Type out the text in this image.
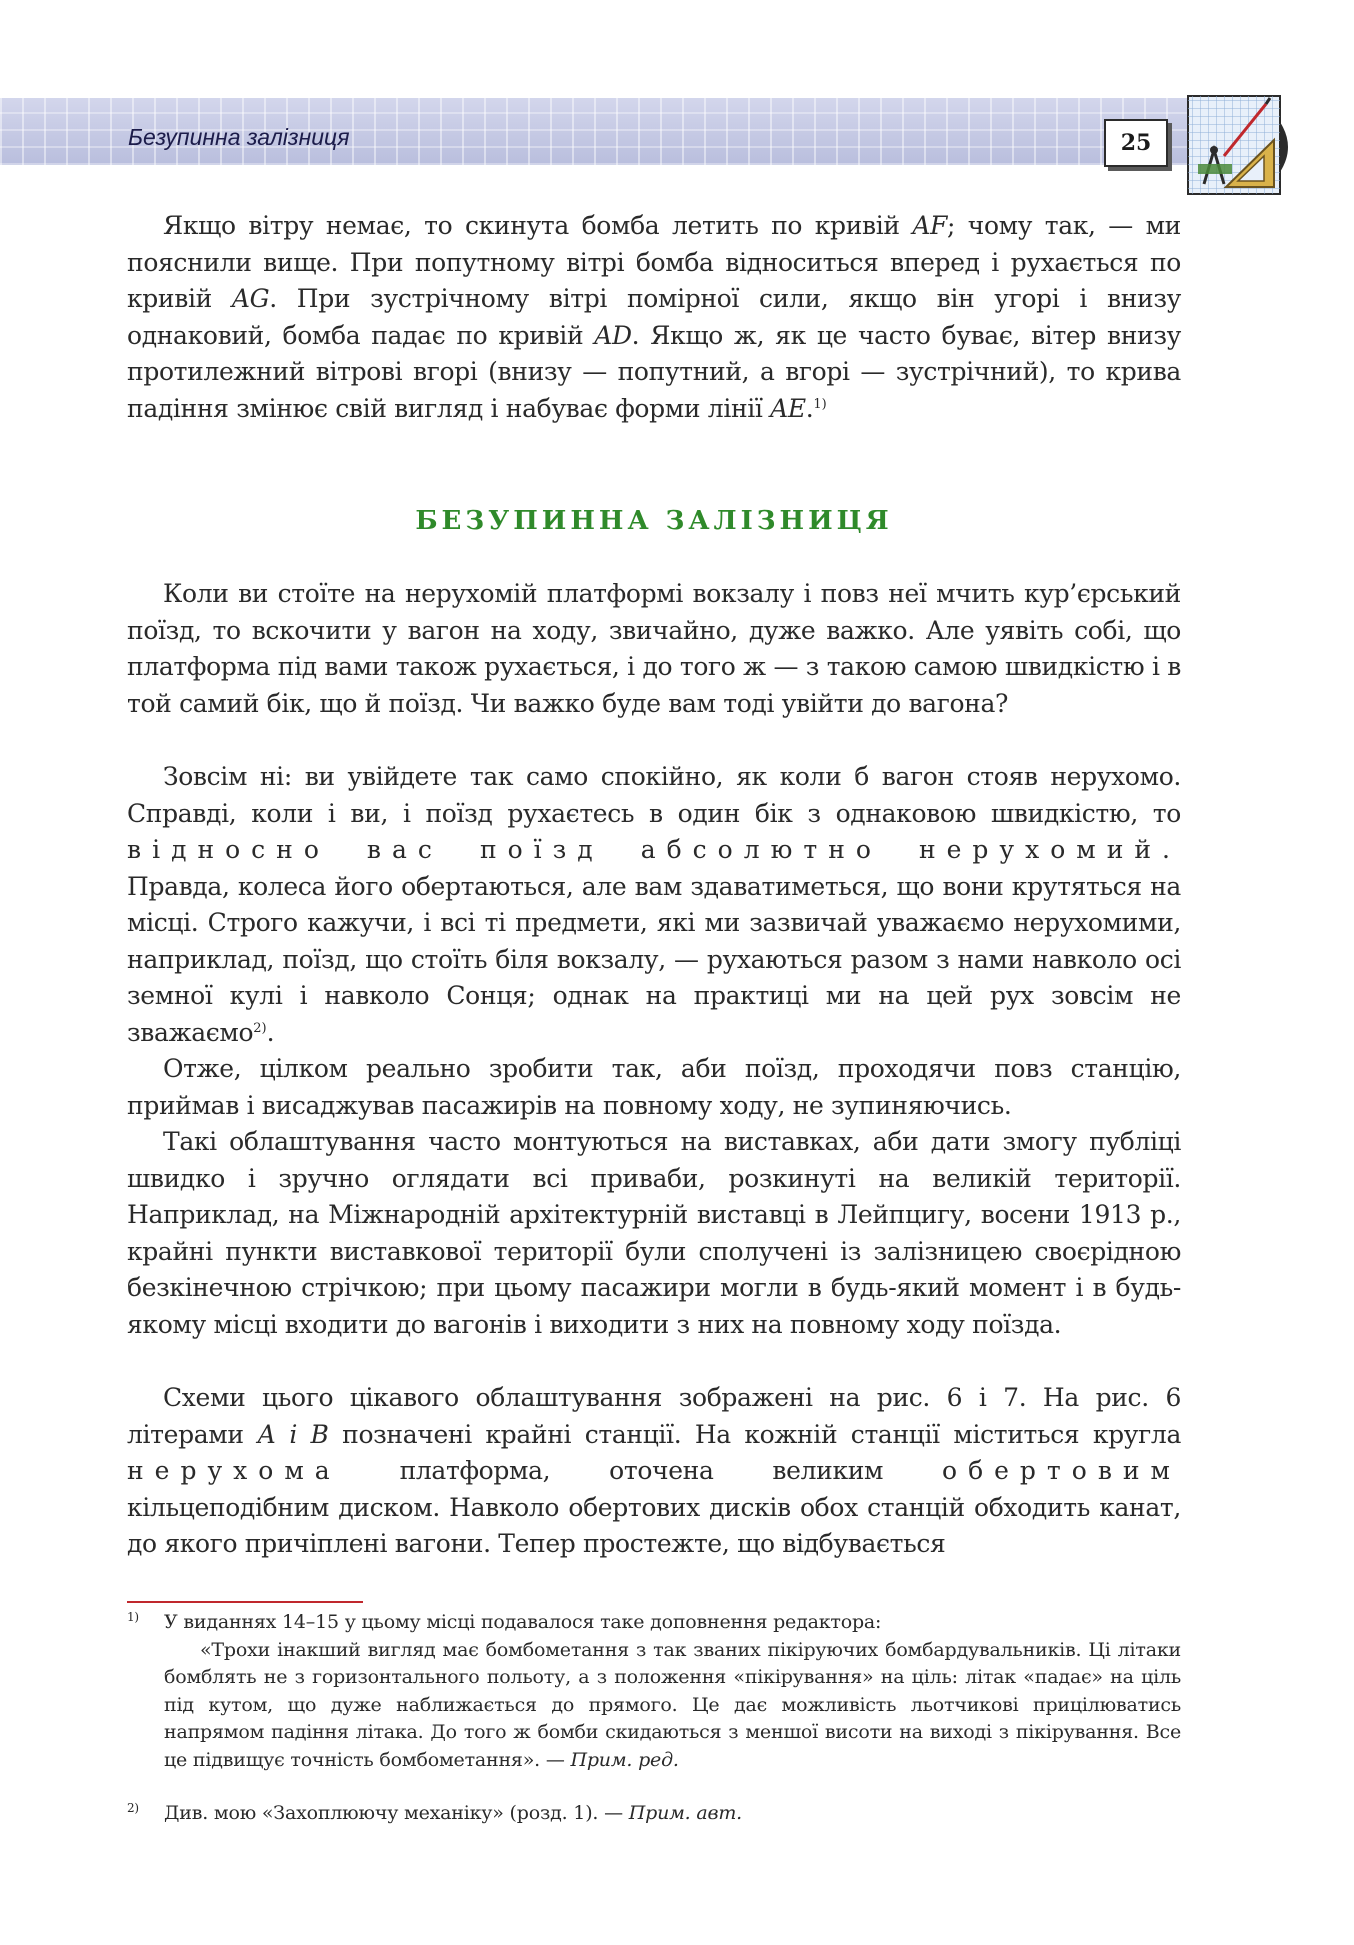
Безупинна залізниця	25

Якщо вітру немає, то скинута бомба летить по кривій AF; чому так, — ми пояснили вище. При попутному вітрі бомба відноситься вперед і рухається по кривій AG. При зустрічному вітрі помірної сили, якщо він угорі і внизу однаковий, бомба падає по кривій AD. Якщо ж, як це часто буває, вітер внизу протилежний вітрові вгорі (внизу — попутний, а вгорі — зустрічний), то крива падіння змінює свій вигляд і набуває форми лінії AE.$^{1)}$

БЕЗУПИННА ЗАЛІЗНИЦЯ

Коли ви стоїте на нерухомій платформі вокзалу і повз неї мчить кур’єрський поїзд, то вскочити у вагон на ходу, звичайно, дуже важко. Але уявіть собі, що платформа під вами також рухається, і до того ж — з такою самою швидкістю і в той самий бік, що й поїзд. Чи важко буде вам тоді увійти до вагона?

Зовсім ні: ви увійдете так само спокійно, як коли б вагон стояв нерухомо. Справді, коли і ви, і поїзд рухаєтесь в один бік з однаковою швидкістю, то відносно вас поїзд абсолютно нерухомий. Правда, колеса його обертаються, але вам здаватиметься, що вони крутяться на місці. Строго кажучи, і всі ті предмети, які ми зазвичай уважаємо нерухомими, наприклад, поїзд, що стоїть біля вокзалу, — рухаються разом з нами навколо осі земної кулі і навколо Сонця; однак на практиці ми на цей рух зовсім не зважаємо$^{2)}$.

Отже, цілком реально зробити так, аби поїзд, проходячи повз станцію, приймав і висаджував пасажирів на повному ходу, не зупиняючись.

Такі облаштування часто монтуються на виставках, аби дати змогу публіці швидко і зручно оглядати всі приваби, розкинуті на великій території. Наприклад, на Міжнародній архітектурній виставці в Лейпцигу, восени 1913 р., крайні пункти виставкової території були сполучені із залізницею своєрідною безкінечною стрічкою; при цьому пасажири могли в будь-який момент і в будь-якому місці входити до вагонів і виходити з них на повному ходу поїзда.

Схеми цього цікавого облаштування зображені на рис. 6 і 7. На рис. 6 літерами А і В позначені крайні станції. На кожній станції міститься кругла нерухома платформа, оточена великим обертовим кільцеподібним диском. Навколо обертових дисків обох станцій обходить канат, до якого причіплені вагони. Тепер простежте, що відбувається

1) У виданнях 14–15 у цьому місці подавалося таке доповнення редактора:
«Трохи інакший вигляд має бомбометання з так званих пікіруючих бомбардувальників. Ці літаки бомблять не з горизонтального польоту, а з положення «пікірування» на ціль: літак «падає» на ціль під кутом, що дуже наближається до прямого. Це дає можливість льотчикові прицілюватись напрямом падіння літака. До того ж бомби скидаються з меншої висоти на виході з пікірування. Все це підвищує точність бомбометання». — Прим. ред.
2) Див. мою «Захоплюючу механіку» (розд. 1). — Прим. авт.
